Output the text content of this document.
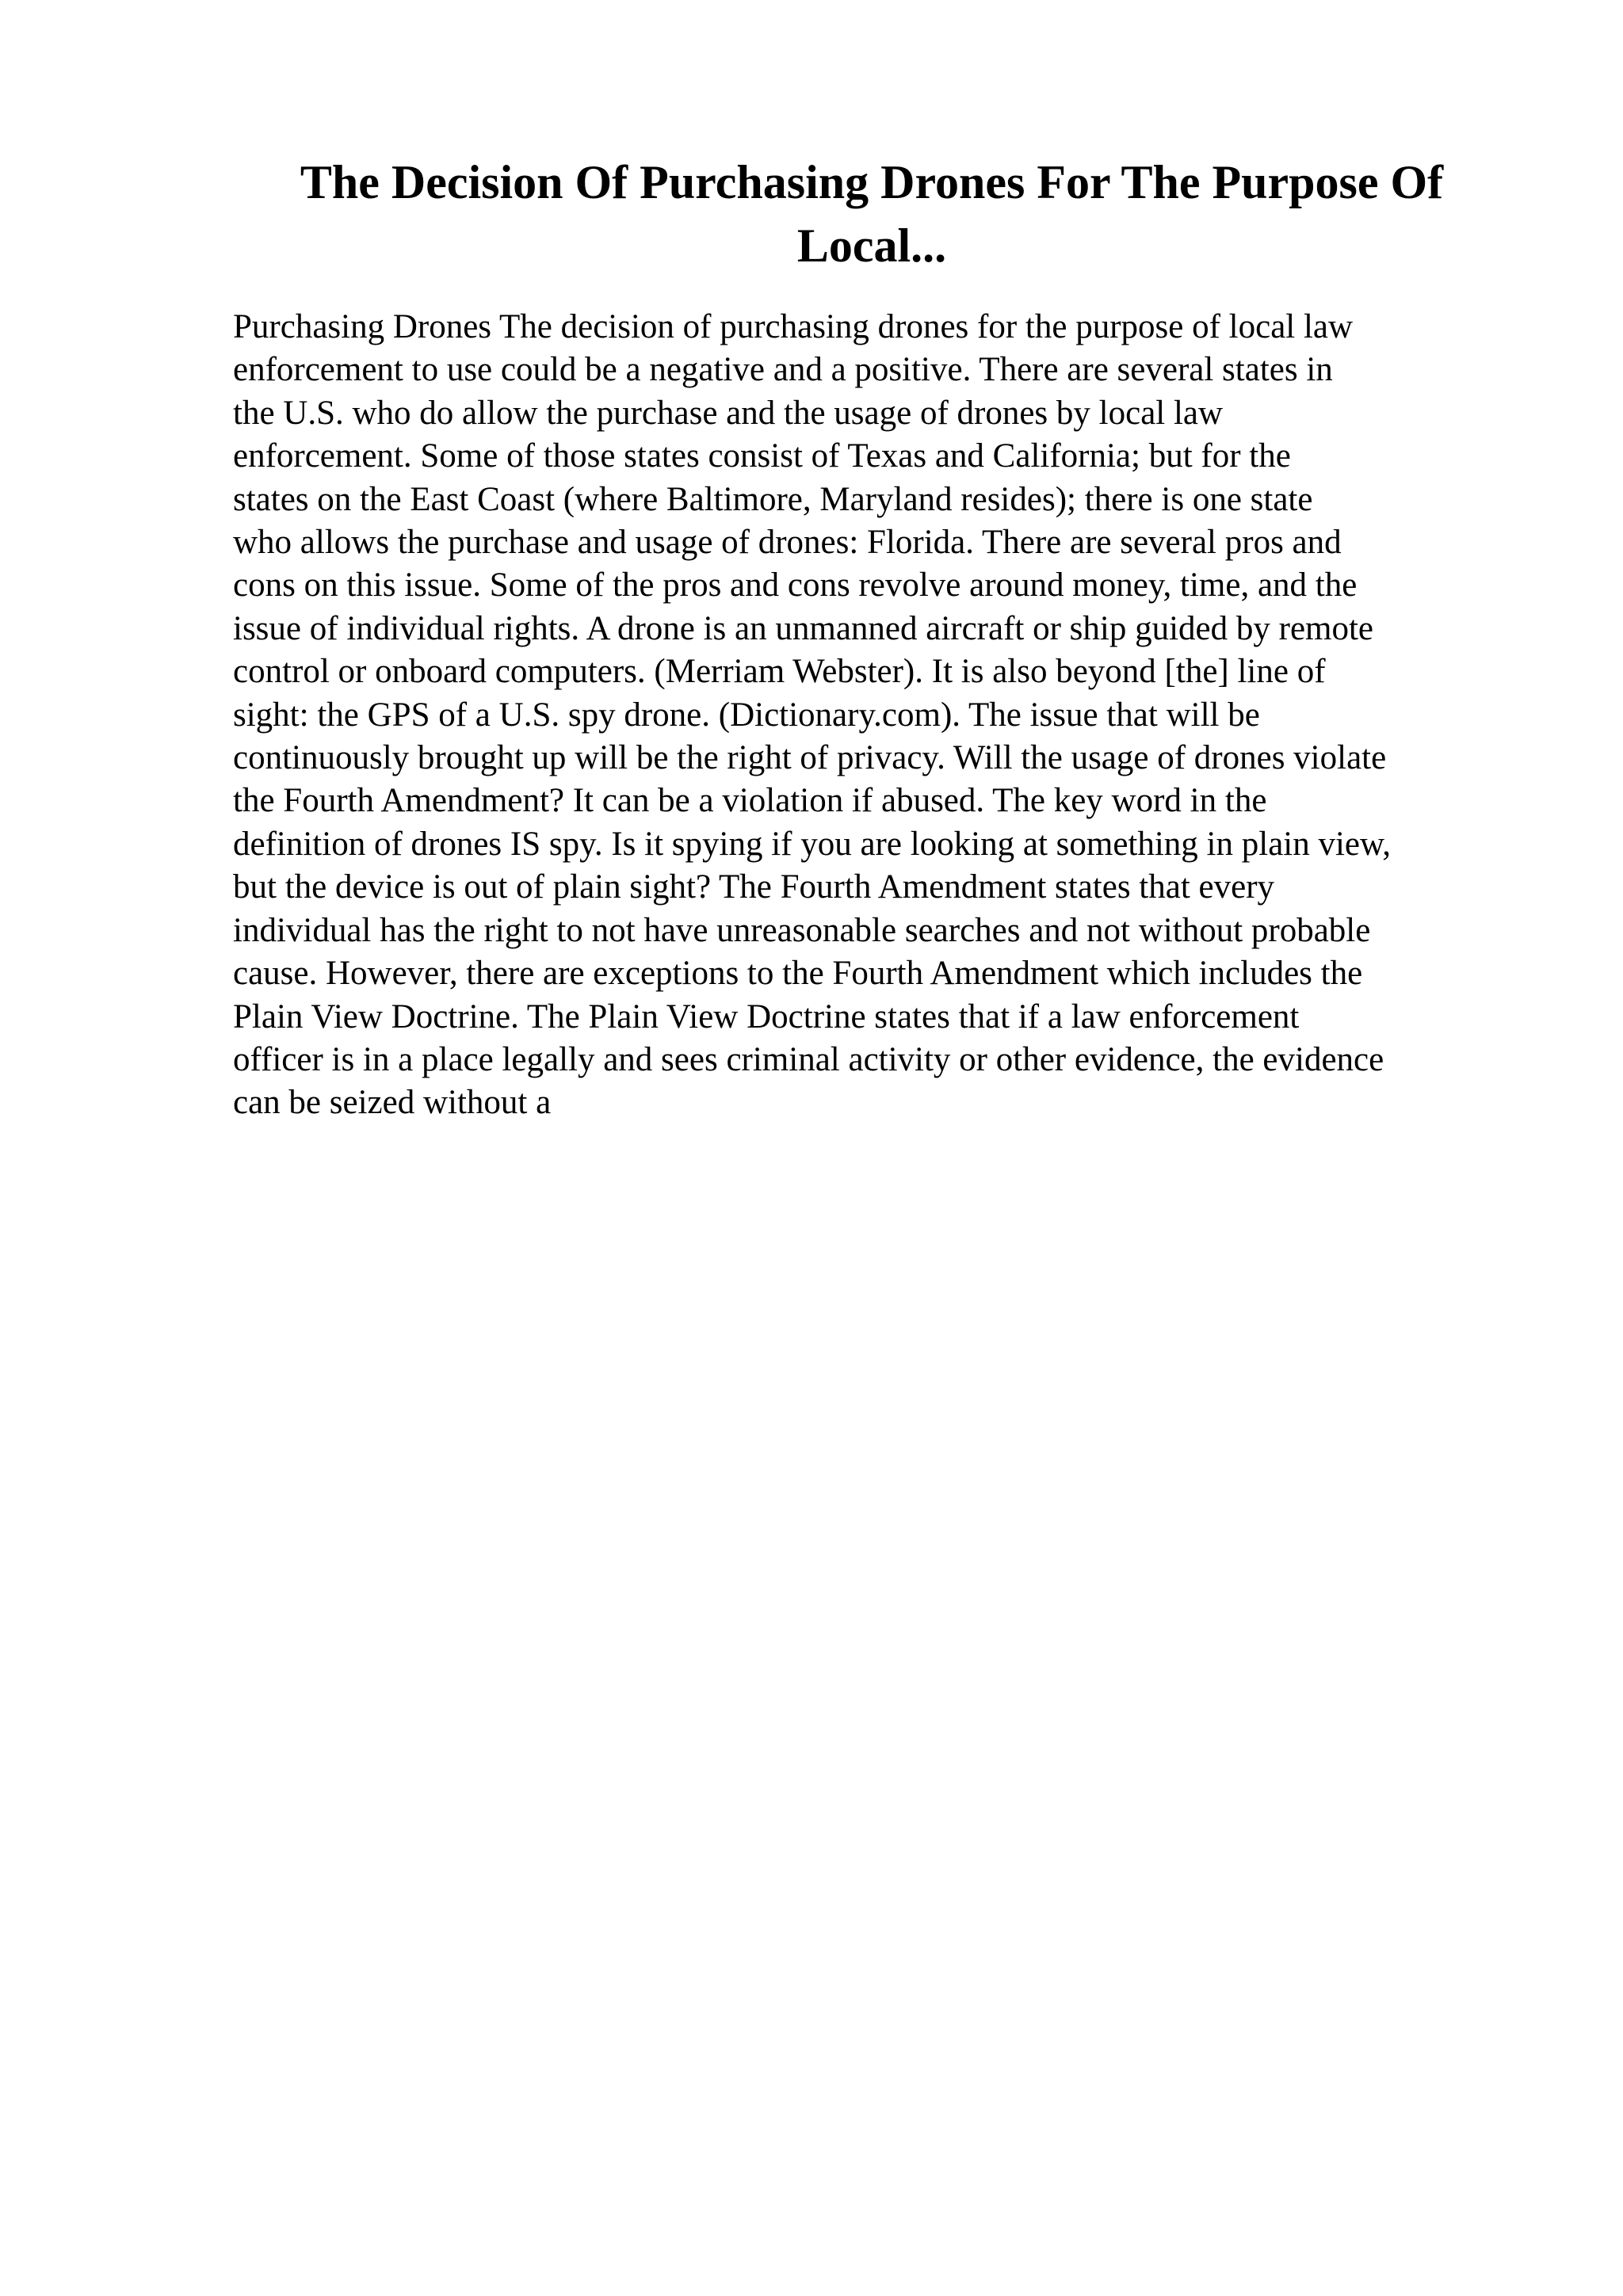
The Decision Of Purchasing Drones For The Purpose Of
Local...
Purchasing Drones The decision of purchasing drones for the purpose of local law
enforcement to use could be a negative and a positive. There are several states in
the U.S. who do allow the purchase and the usage of drones by local law
enforcement. Some of those states consist of Texas and California; but for the
states on the East Coast (where Baltimore, Maryland resides); there is one state
who allows the purchase and usage of drones: Florida. There are several pros and
cons on this issue. Some of the pros and cons revolve around money, time, and the
issue of individual rights. A drone is an unmanned aircraft or ship guided by remote
control or onboard computers. (Merriam Webster). It is also beyond [the] line of
sight: the GPS of a U.S. spy drone. (Dictionary.com). The issue that will be
continuously brought up will be the right of privacy. Will the usage of drones violate
the Fourth Amendment? It can be a violation if abused. The key word in the
definition of drones IS spy. Is it spying if you are looking at something in plain view,
but the device is out of plain sight? The Fourth Amendment states that every
individual has the right to not have unreasonable searches and not without probable
cause. However, there are exceptions to the Fourth Amendment which includes the
Plain View Doctrine. The Plain View Doctrine states that if a law enforcement
officer is in a place legally and sees criminal activity or other evidence, the evidence
can be seized without a
